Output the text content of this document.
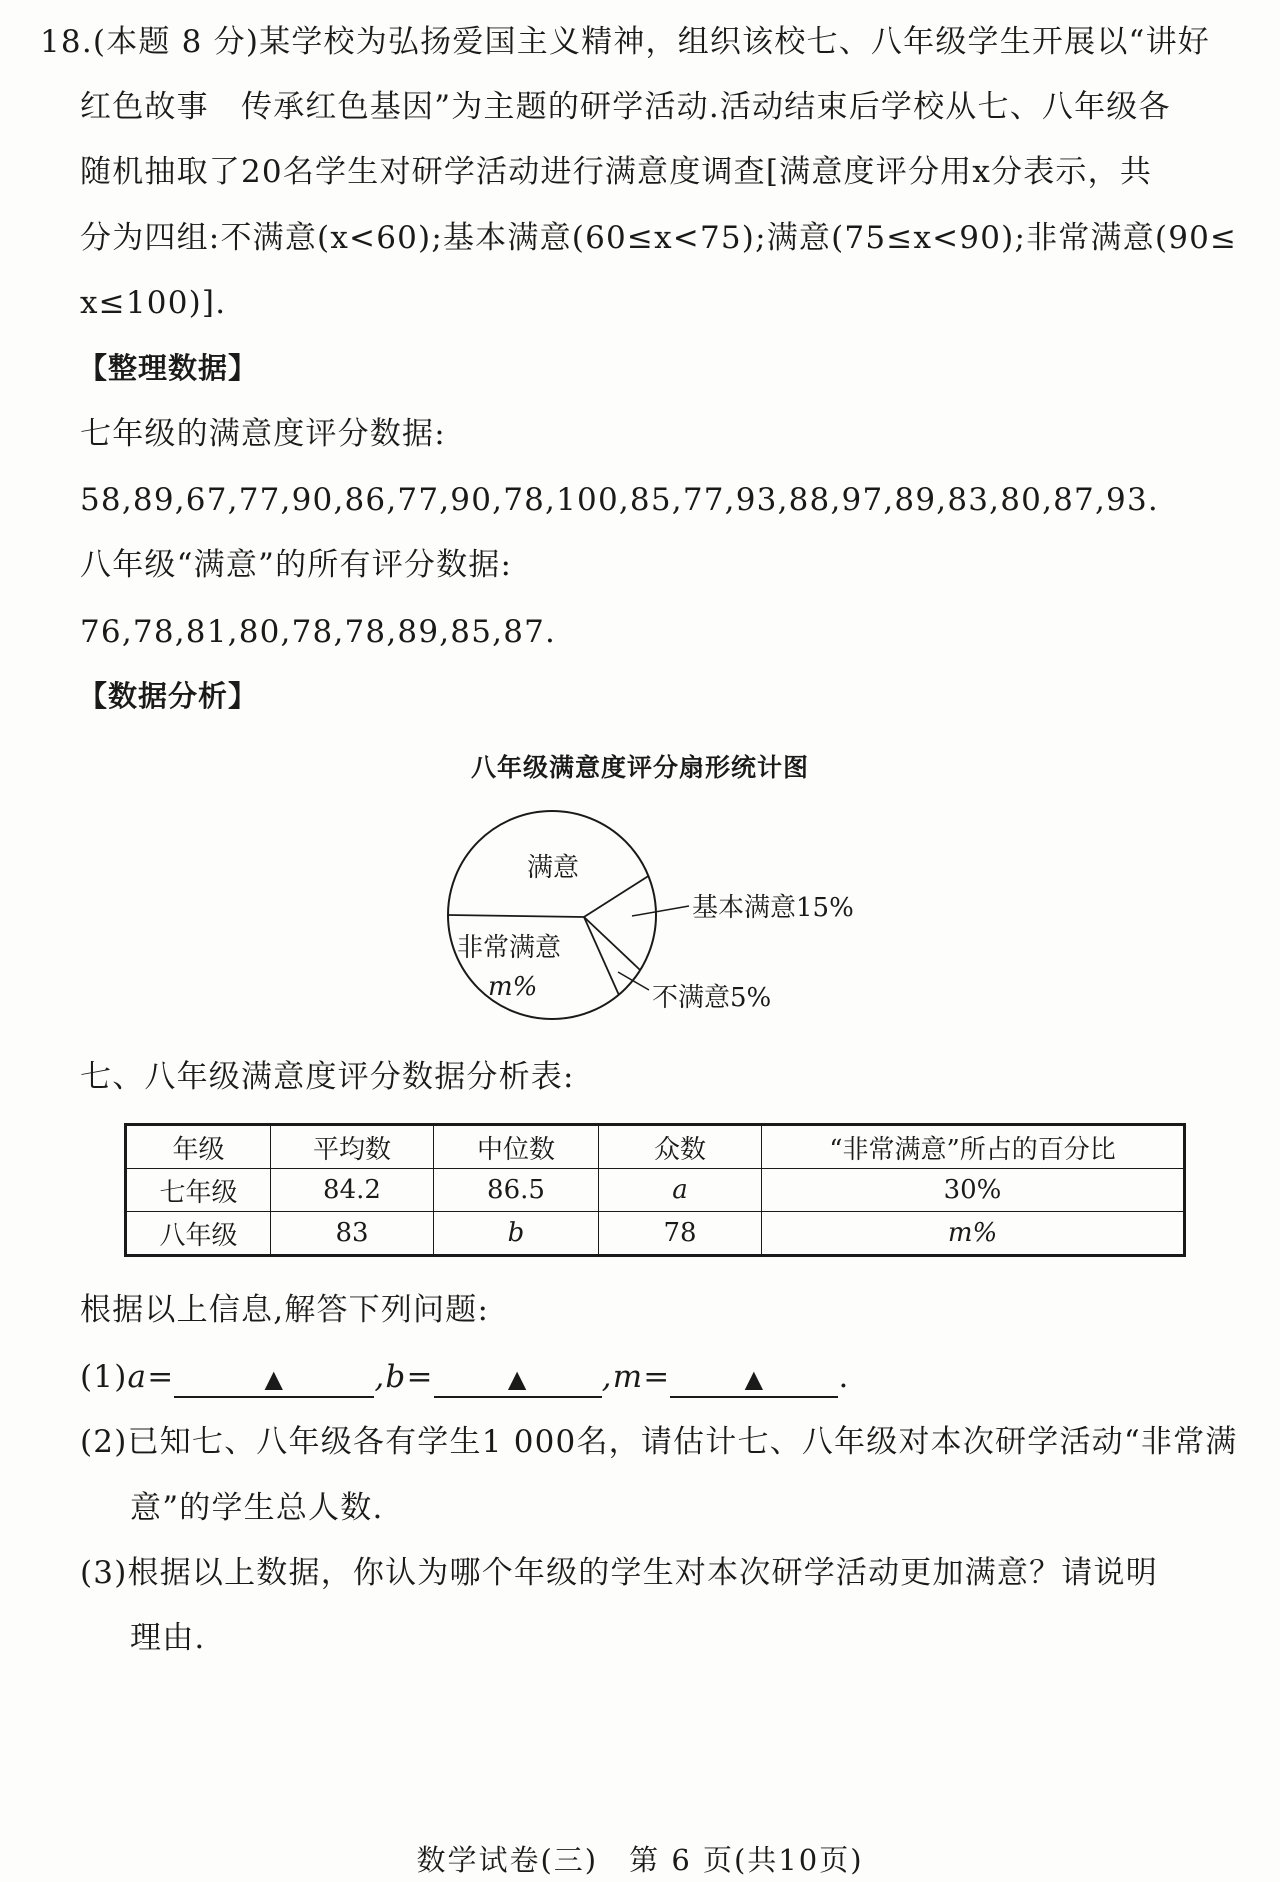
18.(本题 8 分)某学校为弘扬爱国主义精神，组织该校七、八年级学生开展以“讲好
红色故事　传承红色基因”为主题的研学活动.活动结束后学校从七、八年级各
随机抽取了20名学生对研学活动进行满意度调查[满意度评分用x分表示，共
分为四组:不满意(x<60);基本满意(60≤x<75);满意(75≤x<90);非常满意(90≤
x≤100)].
【整理数据】
七年级的满意度评分数据:
58,89,67,77,90,86,77,90,78,100,85,77,93,88,97,89,83,80,87,93.
八年级“满意”的所有评分数据:
76,78,81,80,78,78,89,85,87.
【数据分析】
八年级满意度评分扇形统计图
满意
非常满意
m%
基本满意15%
不满意5%
七、八年级满意度评分数据分析表:
年级	平均数	中位数	众数	“非常满意”所占的百分比
七年级	84.2	86.5	a	30%
八年级	83	b	78	m%
根据以上信息,解答下列问题:
(1)a=	▲	,b=	▲ ,m=	▲ .
(2)已知七、八年级各有学生1 000名，请估计七、八年级对本次研学活动“非常满
意”的学生总人数.
(3)根据以上数据，你认为哪个年级的学生对本次研学活动更加满意？请说明
理由.
数学试卷(三)　第 6 页(共10页)
